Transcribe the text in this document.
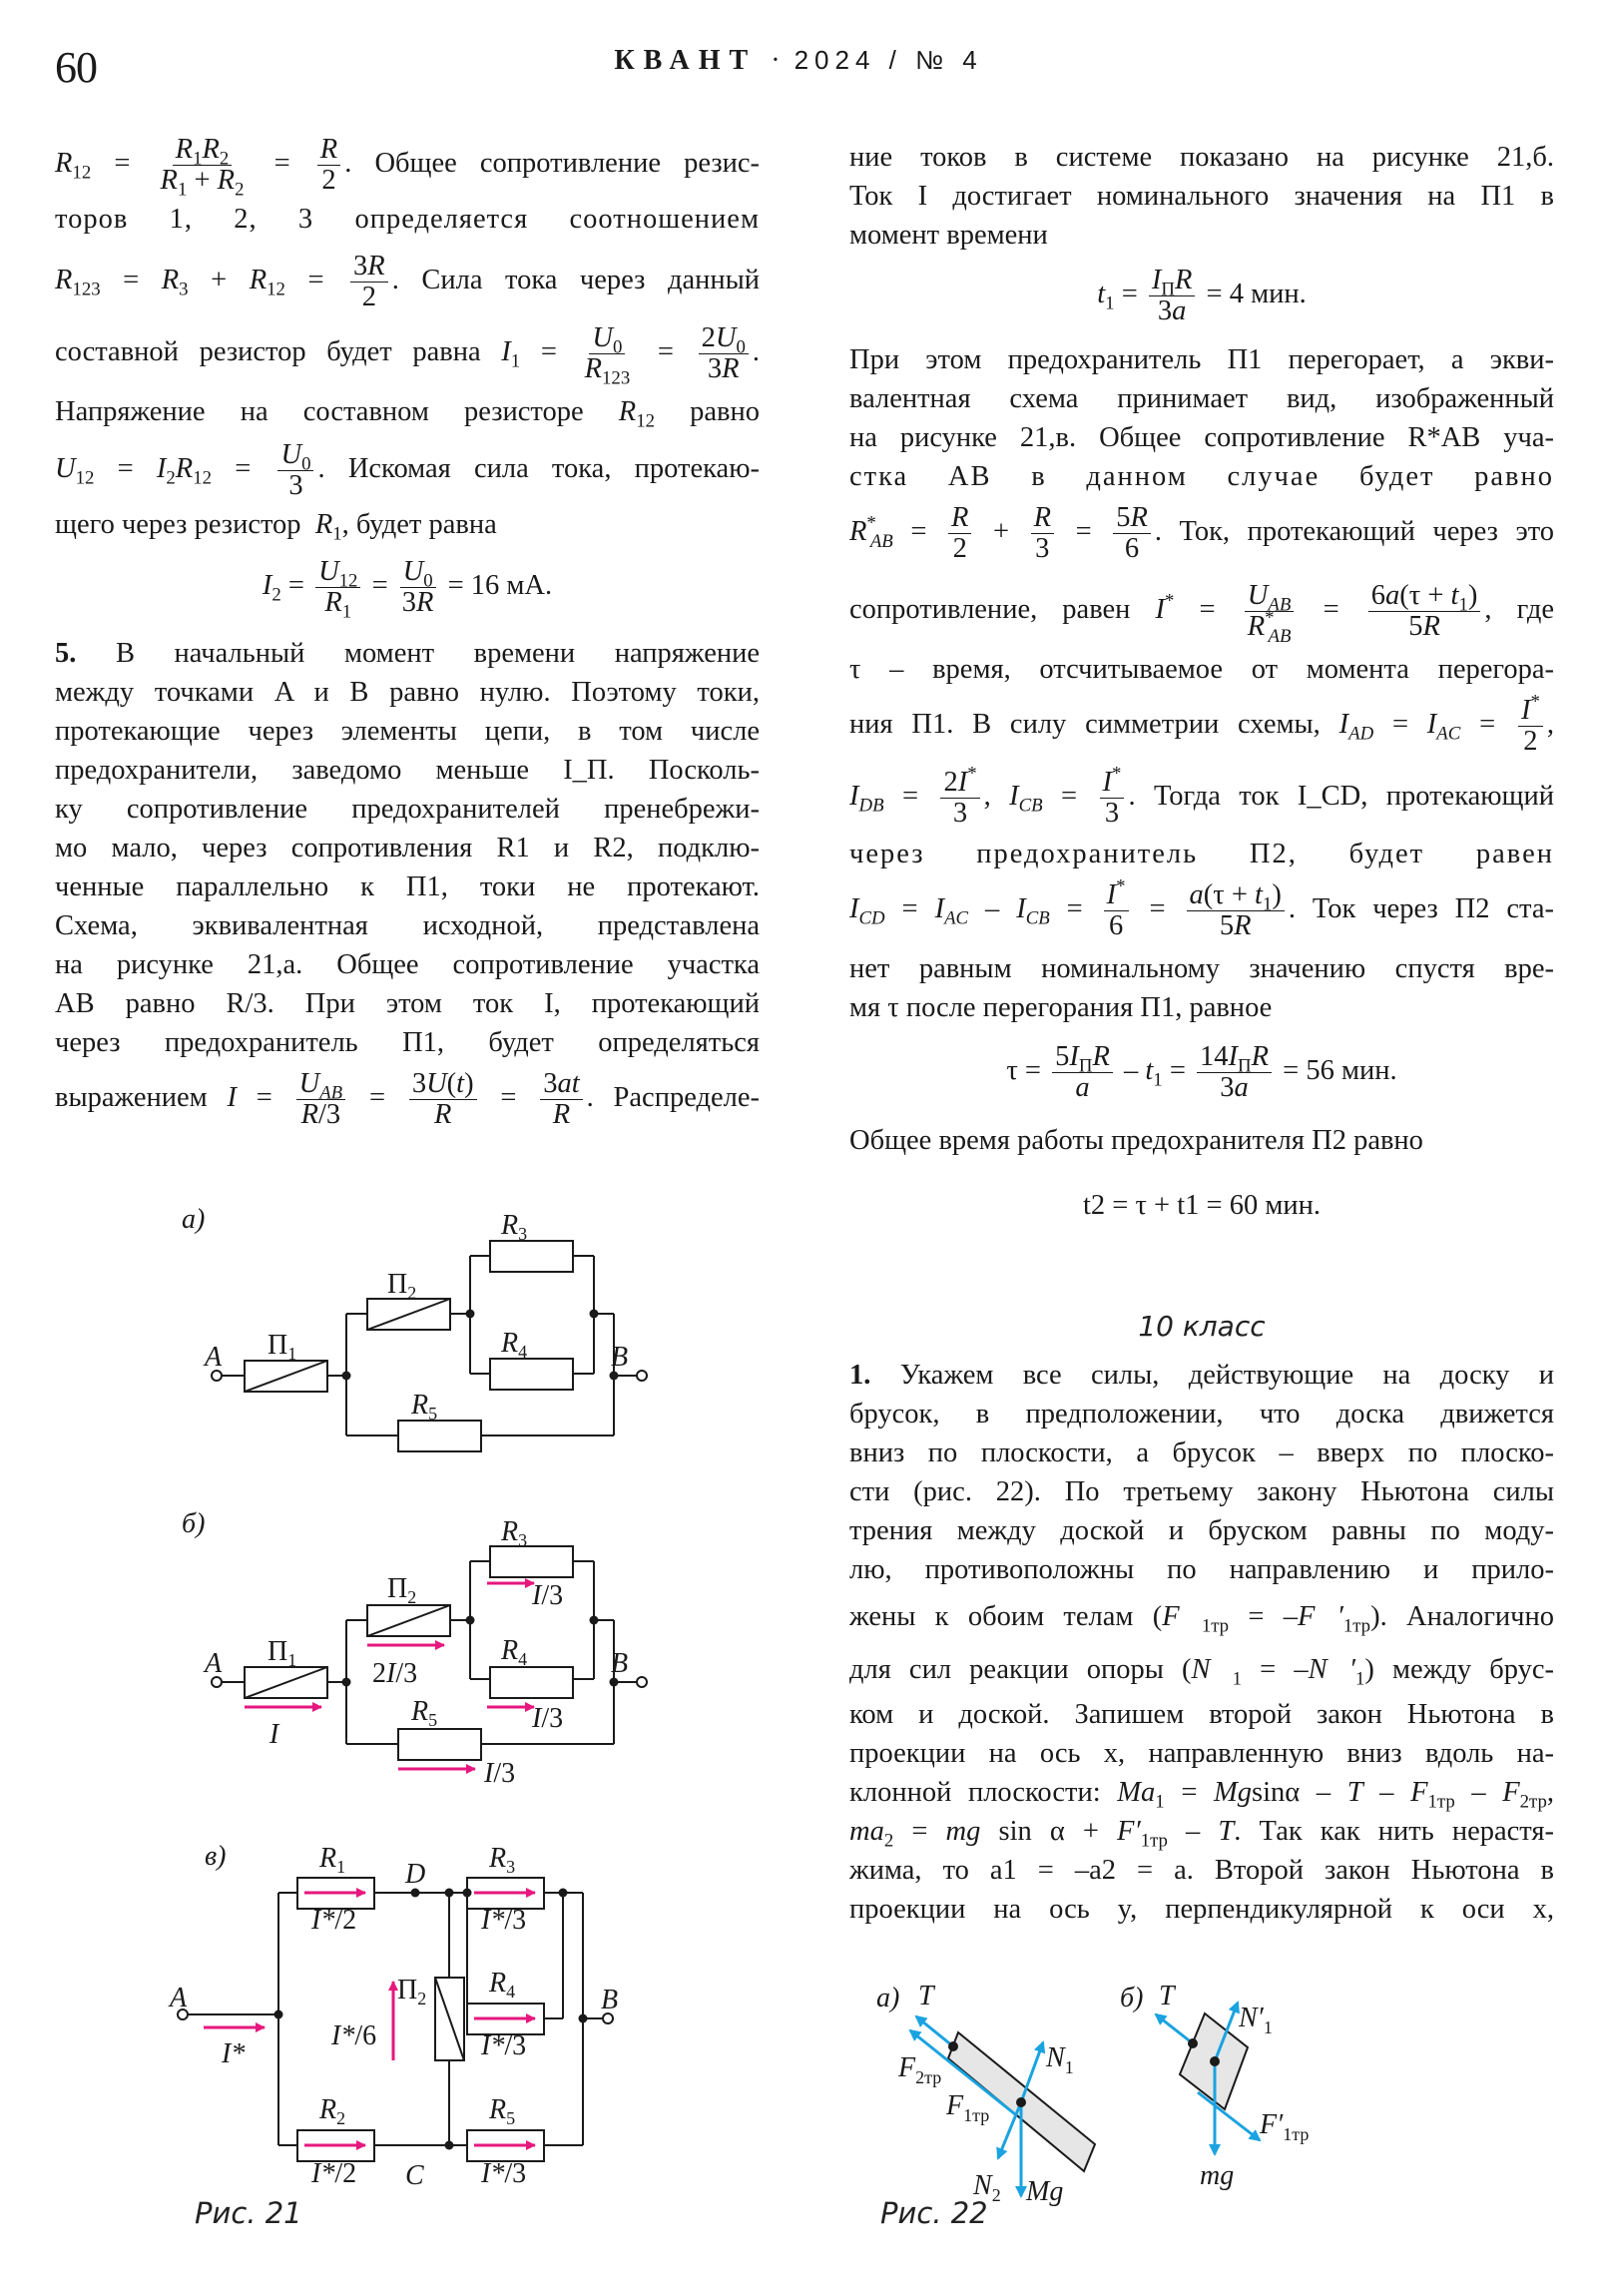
60	КВАНТ · 2024 / № 4
$R_{12} = \frac{R_1R_2}{R_1 + R_2} = \frac{R}{2}$ . Общее сопротивление резис-
торов 1, 2, 3 определяется соотношением
$R_{123} = R_3 + R_{12} = \frac{3R}{2}$ . Сила тока через данный
составной резистор будет равна $I_1 = \frac{U_0}{R_{123}} = \frac{2U_0}{3R}$ .
Напряжение на составном резисторе $R_{12}$ равно
$U_{12} = I_2R_{12} = \frac{U_0}{3}$ . Искомая сила тока, протекаю-
щего через резистор $R_1$, будет равна
$I_2 = \frac{U_{12}}{R_1} = \frac{U_0}{3R} = 16$ мА.
5. В начальный момент времени напряжение
между точками A и B равно нулю. Поэтому токи,
протекающие через элементы цепи, в том числе
предохранители, заведомо меньше I_П. Посколь-
ку сопротивление предохранителей пренебрежи-
мо мало, через сопротивления R1 и R2, подклю-
ченные параллельно к П1, токи не протекают.
Схема, эквивалентная исходной, представлена
на рисунке 21,а. Общее сопротивление участка
AB равно R/3. При этом ток I, протекающий
через предохранитель П1, будет определяться
выражением $I = \frac{U_{AB}}{R/3} = \frac{3U(t)}{R} = \frac{3at}{R}$ . Распределе-
а)
A	B
$П_1$
$П_2$
$R_3$
$R_4$
$R_5$
б)
A	B
$П_1$
$П_2$
$R_3$
$R_4$
$R_5$
I
2I/3
I/3
I/3
I/3
в)
A	B
D
C
$R_1$
$R_2$
$R_3$
$R_4$
$R_5$
$П_2$
I*
I*/2
I*/2
I*/3
I*/3
I*/3
I*/6
Рис. 21
ние токов в системе показано на рисунке 21,б.
Ток I достигает номинального значения на П1 в
момент времени
$t_1 = \frac{I_ПR}{3a} = 4$ мин.
При этом предохранитель П1 перегорает, а экви-
валентная схема принимает вид, изображенный
на рисунке 21,в. Общее сопротивление R*AB уча-
стка AB в данном случае будет равно
$R^*_{AB} = \frac{R}{2} + \frac{R}{3} = \frac{5R}{6}$ . Ток, протекающий через это
сопротивление, равен $I^* = \frac{U_{AB}}{R^*_{AB}} = \frac{6a(\tau + t_1)}{5R}$ , где
τ – время, отсчитываемое от момента перегора-
ния П1. В силу симметрии схемы, $I_{AD} = I_{AC} = \frac{I^*}{2}$ ,
$I_{DB} = \frac{2I^*}{3}$ , $I_{CB} = \frac{I^*}{3}$ . Тогда ток I_CD, протекающий
через предохранитель П2, будет равен
$I_{CD} = I_{AC} - I_{CB} = \frac{I^*}{6} = \frac{a(\tau + t_1)}{5R}$ . Ток через П2 ста-
нет равным номинальному значению спустя вре-
мя τ после перегорания П1, равное
$\tau = \frac{5I_ПR}{a} - t_1 = \frac{14I_ПR}{3a} = 56$ мин.
Общее время работы предохранителя П2 равно
t2 = τ + t1 = 60 мин.
10 класс
1. Укажем все силы, действующие на доску и
брусок, в предположении, что доска движется
вниз по плоскости, а брусок – вверх по плоско-
сти (рис. 22). По третьему закону Ньютона силы
трения между доской и бруском равны по моду-
лю, противоположны по направлению и прило-
жены к обоим телам ($F⃗_{1тр}$ = $-F⃗'_{1тр}$). Аналогично
для сил реакции опоры ($N⃗_1$ = $-N⃗'_1$) между брус-
ком и доской. Запишем второй закон Ньютона в
проекции на ось x, направленную вниз вдоль на-
клонной плоскости: $Ma_1 = Mgsin\alpha - T - F_{1тр} - F_{2тр}$,
$ma_2$ = mg $\sin \alpha + F'_{1тр} - T$. Так как нить нерастя-
жима, то a1 = –a2 = a. Второй закон Ньютона в
проекции на ось y, перпендикулярной к оси x,
а) T
$F_{2тр}$
$F_{1тр}$
$N_1$
$N_2$ Mg
б) T
$N'_1$
$F'_{1тр}$
mg
Рис. 22
